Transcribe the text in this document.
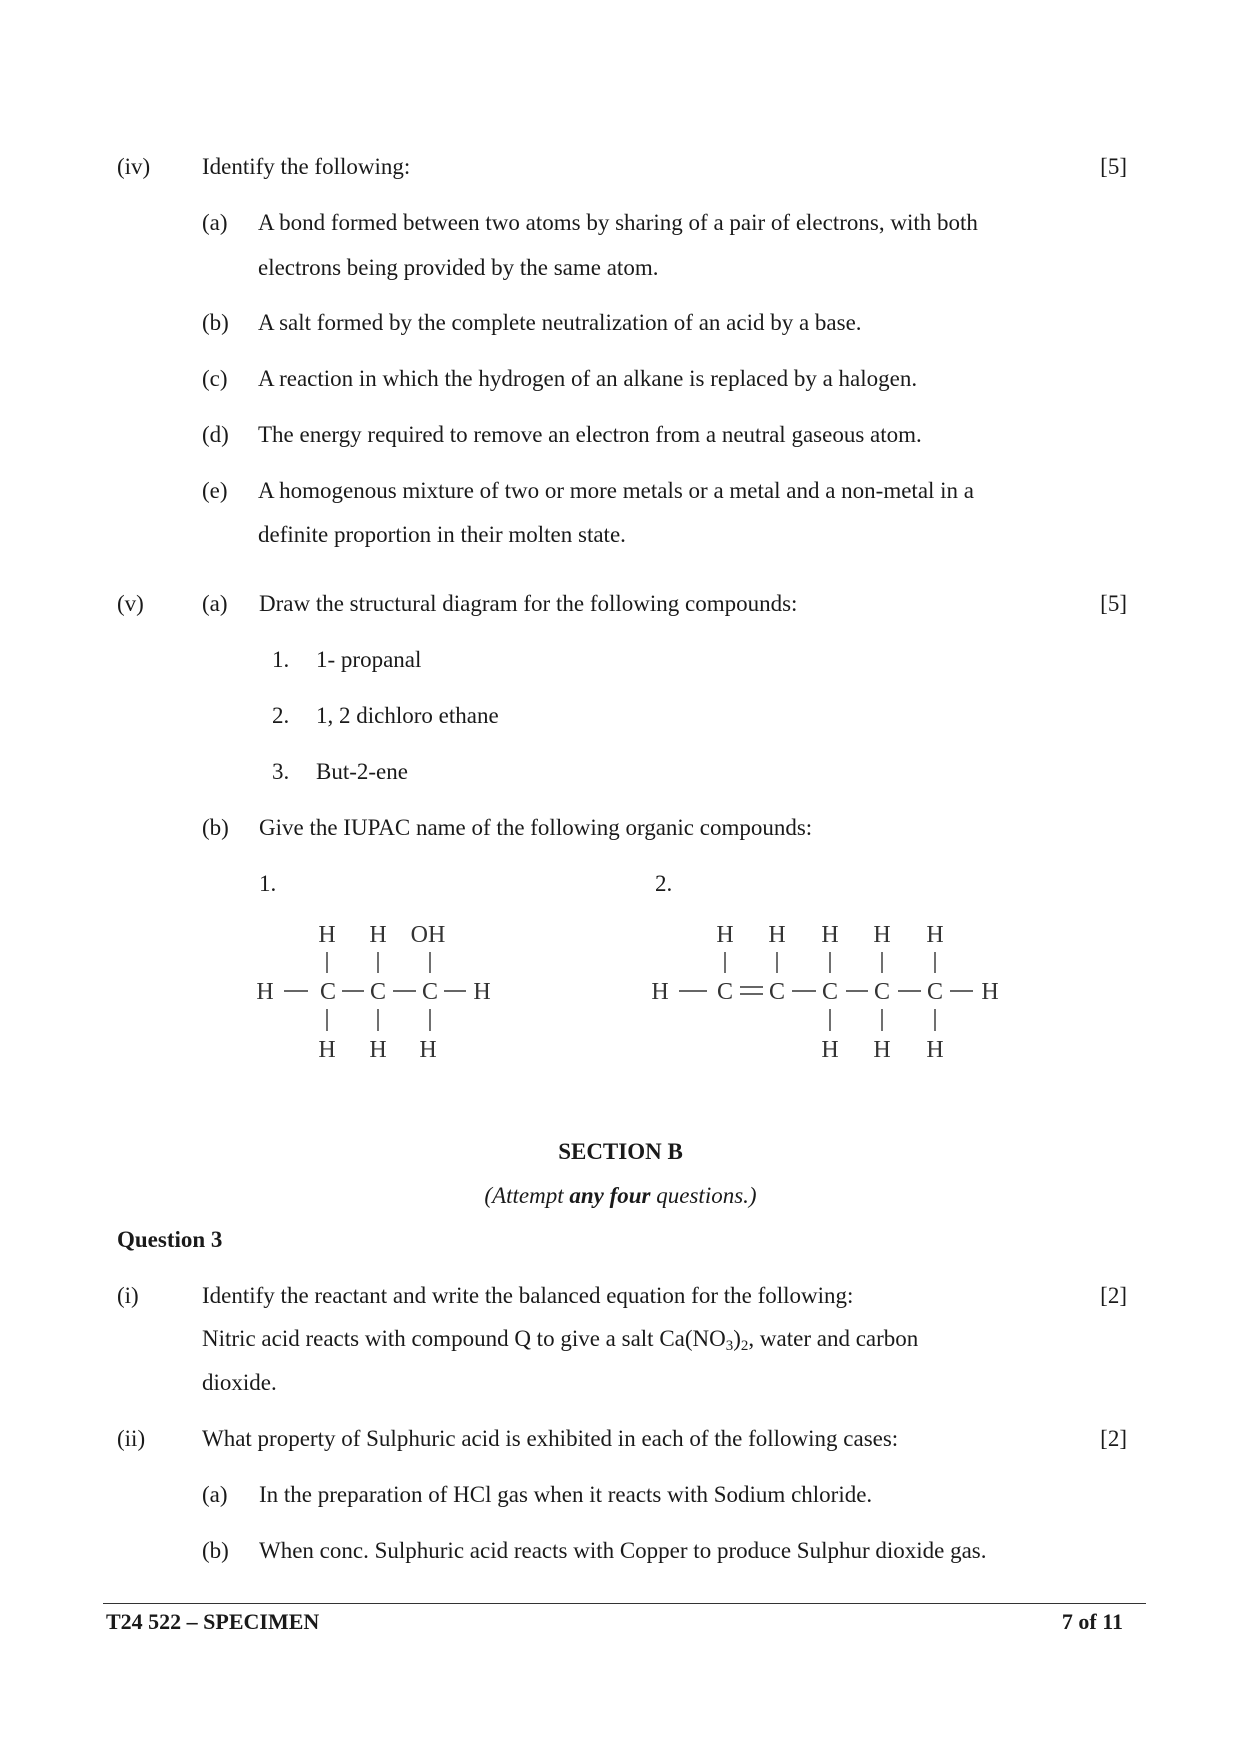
(iv) Identify the following:	[5]
(a) A bond formed between two atoms by sharing of a pair of electrons, with both
electrons being provided by the same atom.
(b) A salt formed by the complete neutralization of an acid by a base.
(c) A reaction in which the hydrogen of an alkane is replaced by a halogen.
(d) The energy required to remove an electron from a neutral gaseous atom.
(e) A homogenous mixture of two or more metals or a metal and a non-metal in a
definite proportion in their molten state.
(v)	(a) Draw the structural diagram for the following compounds:	[5]
1. 1- propanal
2. 1, 2 dichloro ethane
3. But-2-ene
(b) Give the IUPAC name of the following organic compounds:
1.	2.
H H OH
H C C C H
H H H
H H H H H
H C C C C C H
H H H
SECTION B
(Attempt any four questions.)
Question 3
(i)	Identify the reactant and write the balanced equation for the following:	[2]
Nitric acid reacts with compound Q to give a salt $Ca(NO_3)_2$, water and carbon
dioxide.
(ii) What property of Sulphuric acid is exhibited in each of the following cases:	[2]
(a) In the preparation of HCl gas when it reacts with Sodium chloride.
(b) When conc. Sulphuric acid reacts with Copper to produce Sulphur dioxide gas.
T24 522 – SPECIMEN	7 of 11
